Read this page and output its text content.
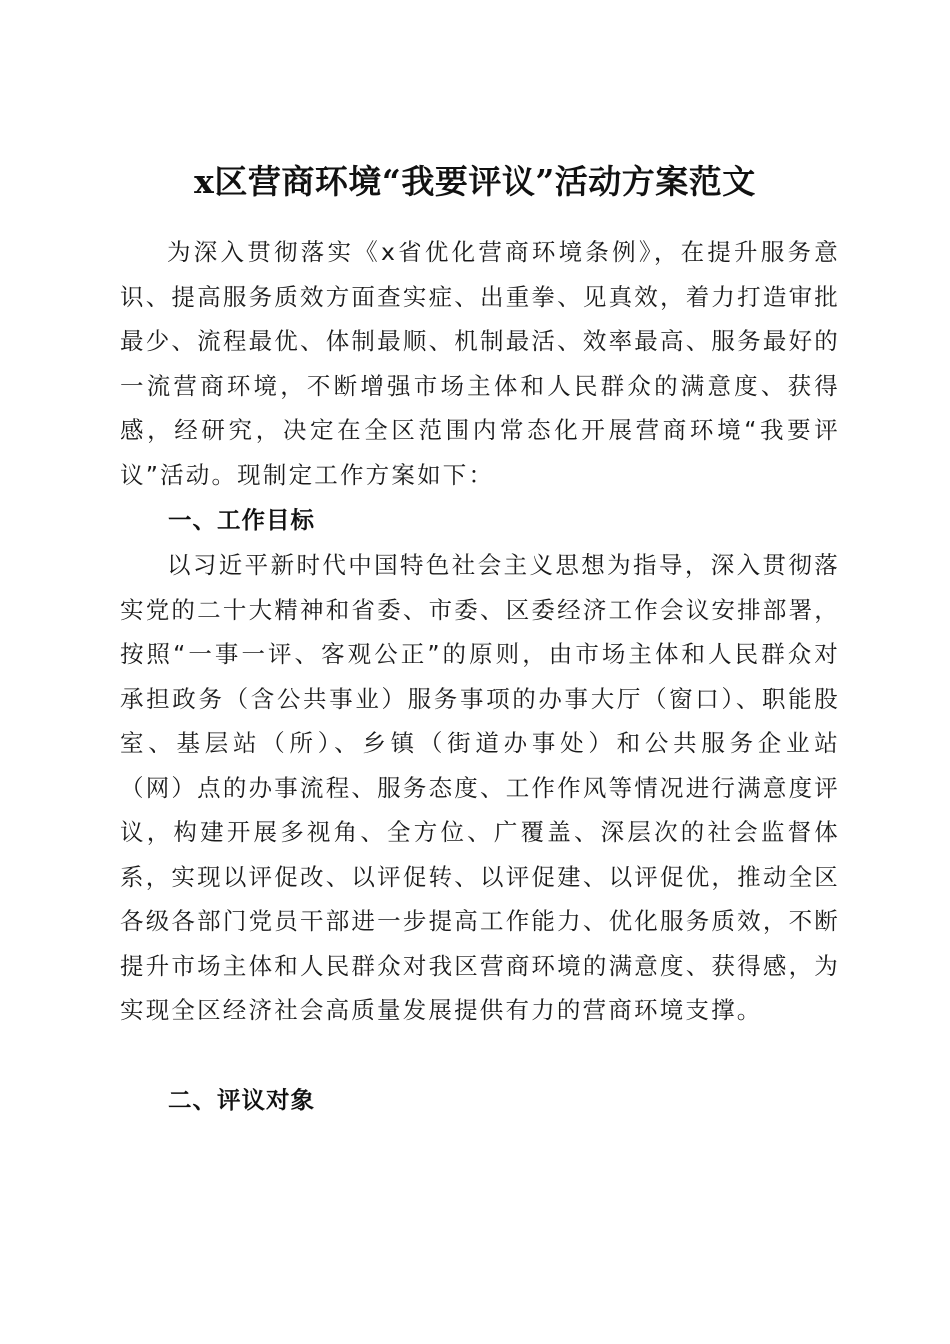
x区营商环境“我要评议”活动方案范文

为深入贯彻落实《x省优化营商环境条例》，在提升服务意识、提高服务质效方面查实症、出重拳、见真效，着力打造审批最少、流程最优、体制最顺、机制最活、效率最高、服务最好的一流营商环境，不断增强市场主体和人民群众的满意度、获得感，经研究，决定在全区范围内常态化开展营商环境“我要评议”活动。现制定工作方案如下：

一、工作目标

以习近平新时代中国特色社会主义思想为指导，深入贯彻落实党的二十大精神和省委、市委、区委经济工作会议安排部署，按照“一事一评、客观公正”的原则，由市场主体和人民群众对承担政务（含公共事业）服务事项的办事大厅（窗口）、职能股室、基层站（所）、乡镇（街道办事处）和公共服务企业站（网）点的办事流程、服务态度、工作作风等情况进行满意度评议，构建开展多视角、全方位、广覆盖、深层次的社会监督体系，实现以评促改、以评促转、以评促建、以评促优，推动全区各级各部门党员干部进一步提高工作能力、优化服务质效，不断提升市场主体和人民群众对我区营商环境的满意度、获得感，为实现全区经济社会高质量发展提供有力的营商环境支撑。

二、评议对象
